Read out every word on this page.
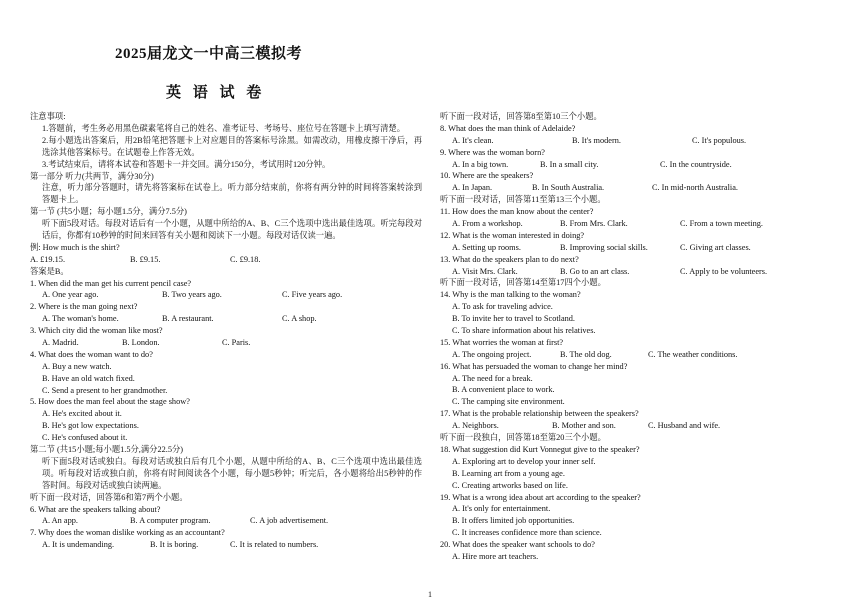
2025届龙文一中高三模拟考
英 语 试 卷
注意事项:
1.答题前，考生务必用黑色碳素笔将自己的姓名、准考证号、考场号、座位号在答题卡上填写清楚。
2.每小题选出答案后，用2B铅笔把答题卡上对应题目的答案标号涂黑。如需改动，用橡皮擦干净后，再选涂其他答案标号。在试题卷上作答无效。
3.考试结束后，请将本试卷和答题卡一并交回。满分150分，考试用时120分钟。
第一部分 听力(共两节，满分30分)
注意，听力部分答题时，请先将答案标在试卷上。听力部分结束前，你将有两分钟的时间将答案转涂到答题卡上。
第一节 (共5小题；每小题1.5分，满分7.5分)
听下面5段对话。每段对话后有一个小题，从题中所给的A、B、C三个选项中选出最佳选项。听完每段对话后，你都有10秒钟的时间来回答有关小题和阅读下一小题。每段对话仅读一遍。
例: How much is the shirt?
A. £19.15.	B. £9.15.	C. £9.18.
答案是B。
1. When did the man get his current pencil case?
A. One year ago.	B. Two years ago.	C. Five years ago.
2. Where is the man going next?
A. The woman's home.	B. A restaurant.	C. A shop.
3. Which city did the woman like most?
A. Madrid.	B. London.	C. Paris.
4. What does the woman want to do?
A. Buy a new watch.
B. Have an old watch fixed.
C. Send a present to her grandmother.
5. How does the man feel about the stage show?
A. He's excited about it.
B. He's got low expectations.
C. He's confused about it.
第二节 (共15小题;每小题1.5分,满分22.5分)
听下面5段对话或独白。每段对话或独白后有几个小题，从题中所给的A、B、C三个选项中选出最佳选项。听每段对话或独白前，你将有时间阅读各个小题，每小题5秒钟；听完后，各小题将给出5秒钟的作答时间。每段对话或独白读两遍。
听下面一段对话，回答第6和第7两个小题。
6. What are the speakers talking about?
A. An app.	B. A computer program.	C. A job advertisement.
7. Why does the woman dislike working as an accountant?
A. It is undemanding.	B. It is boring.	C. It is related to numbers.
听下面一段对话，回答第8至第10三个小题。
8. What does the man think of Adelaide?
A. It's clean.	B. It's modern.	C. It's populous.
9. Where was the woman born?
A. In a big town.	B. In a small city.	C. In the countryside.
10. Where are the speakers?
A. In Japan.	B. In South Australia.	C. In mid-north Australia.
听下面一段对话，回答第11至第13三个小题。
11. How does the man know about the center?
A. From a workshop.	B. From Mrs. Clark.	C. From a town meeting.
12. What is the woman interested in doing?
A. Setting up rooms.	B. Improving social skills.	C. Giving art classes.
13. What do the speakers plan to do next?
A. Visit Mrs. Clark.	B. Go to an art class.	C. Apply to be volunteers.
听下面一段对话，回答第14至第17四个小题。
14. Why is the man talking to the woman?
A. To ask for traveling advice.
B. To invite her to travel to Scotland.
C. To share information about his relatives.
15. What worries the woman at first?
A. The ongoing project.	B. The old dog.	C. The weather conditions.
16. What has persuaded the woman to change her mind?
A. The need for a break.
B. A convenient place to work.
C. The camping site environment.
17. What is the probable relationship between the speakers?
A. Neighbors.	B. Mother and son.	C. Husband and wife.
听下面一段独白，回答第18至第20三个小题。
18. What suggestion did Kurt Vonnegut give to the speaker?
A. Exploring art to develop your inner self.
B. Learning art from a young age.
C. Creating artworks based on life.
19. What is a wrong idea about art according to the speaker?
A. It's only for entertainment.
B. It offers limited job opportunities.
C. It increases confidence more than science.
20. What does the speaker want schools to do?
A. Hire more art teachers.
1
